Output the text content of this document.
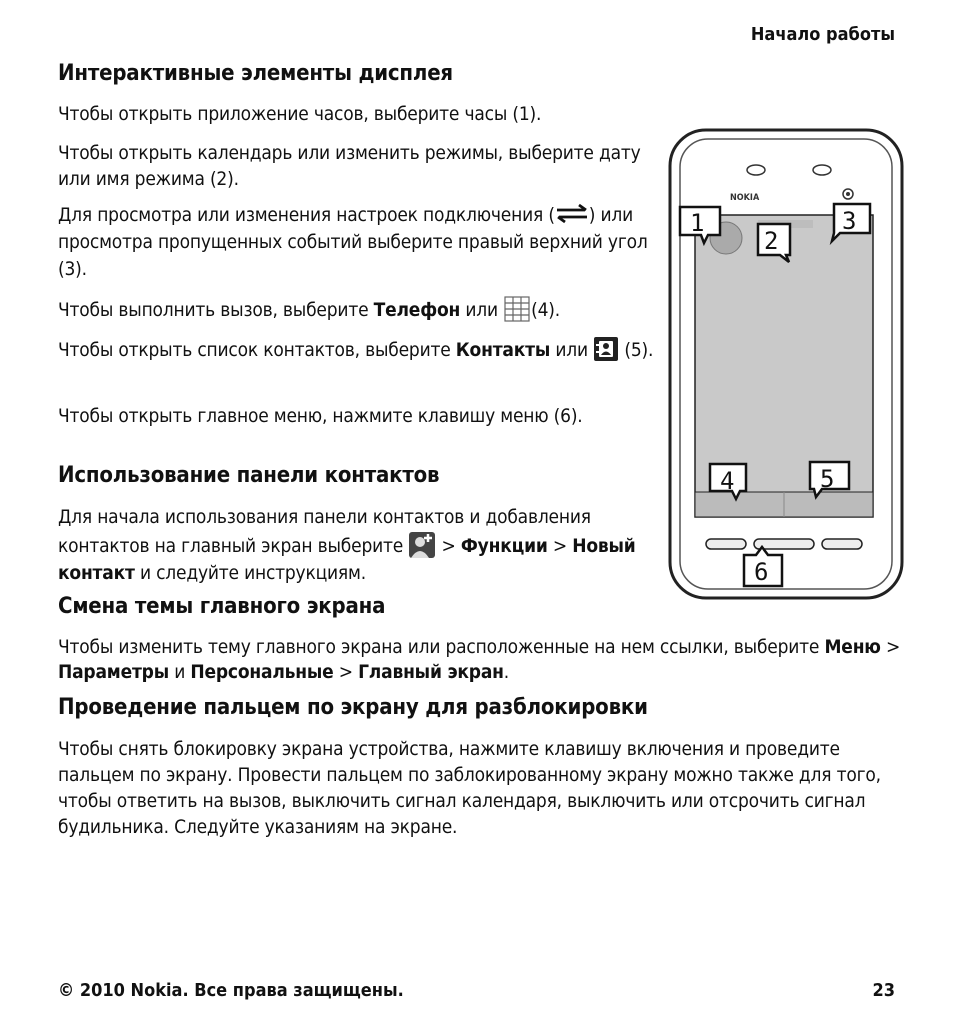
Начало работы
Интерактивные элементы дисплея

Чтобы открыть приложение часов, выберите часы (1).

Чтобы открыть календарь или изменить режимы, выберите дату или имя режима (2).

Для просмотра или изменения настроек подключения ( ) или просмотра пропущенных событий выберите правый верхний угол (3).

Чтобы выполнить вызов, выберите Телефон или (4).

Чтобы открыть список контактов, выберите Контакты или  (5).

Чтобы открыть главное меню, нажмите клавишу меню (6).

Использование панели контактов

Для начала использования панели контактов и добавления контактов на главный экран выберите  > Функции > Новый контакт и следуйте инструкциям.

Смена темы главного экрана

Чтобы изменить тему главного экрана или расположенные на нем ссылки, выберите Меню > Параметры и Персональные > Главный экран.

Проведение пальцем по экрану для разблокировки

Чтобы снять блокировку экрана устройства, нажмите клавишу включения и проведите пальцем по экрану. Провести пальцем по заблокированному экрану можно также для того, чтобы ответить на вызов, выключить сигнал календаря, выключить или отсрочить сигнал будильника. Следуйте указаниям на экране.

NOKIA
1
2
3
4	5
6
© 2010 Nokia. Все права защищены.	23
